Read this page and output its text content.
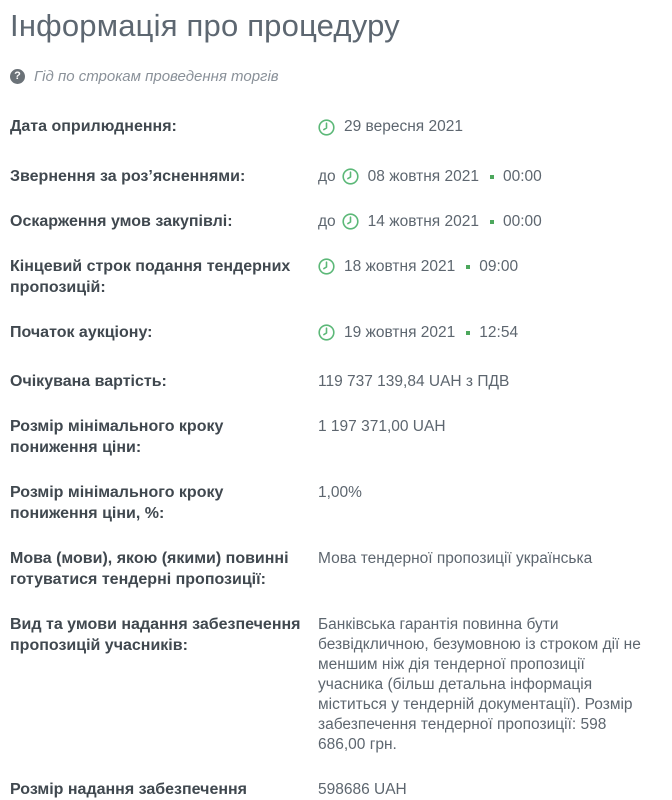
Інформація про процедуру
? Гід по строкам проведення торгів
Дата оприлюднення:	29 вересня 2021
Звернення за роз’ясненнями:	до 08 жовтня 2021 00:00
Оскарження умов закупівлі:	до 14 жовтня 2021 00:00
Кінцевий строк подання тендерних пропозицій:
18 жовтня 2021 09:00
Початок аукціону:	19 жовтня 2021 12:54
Очікувана вартість:	119 737 139,84 UAH з ПДВ
Розмір мінімального кроку пониження ціни:
1 197 371,00 UAH
Розмір мінімального кроку пониження ціни, %:
1,00%
Мова (мови), якою (якими) повинні готуватися тендерні пропозиції:
Мова тендерної пропозиції українська
Вид та умови надання забезпечення пропозицій учасників:
Банківська гарантія повинна бути безвідкличною, безумовною із строком дії не меншим ніж дія тендерної пропозиції учасника (більш детальна інформація міститься у тендерній документації). Розмір забезпечення тендерної пропозиції: 598 686,00 грн.
Розмір надання забезпечення	598686 UAH
